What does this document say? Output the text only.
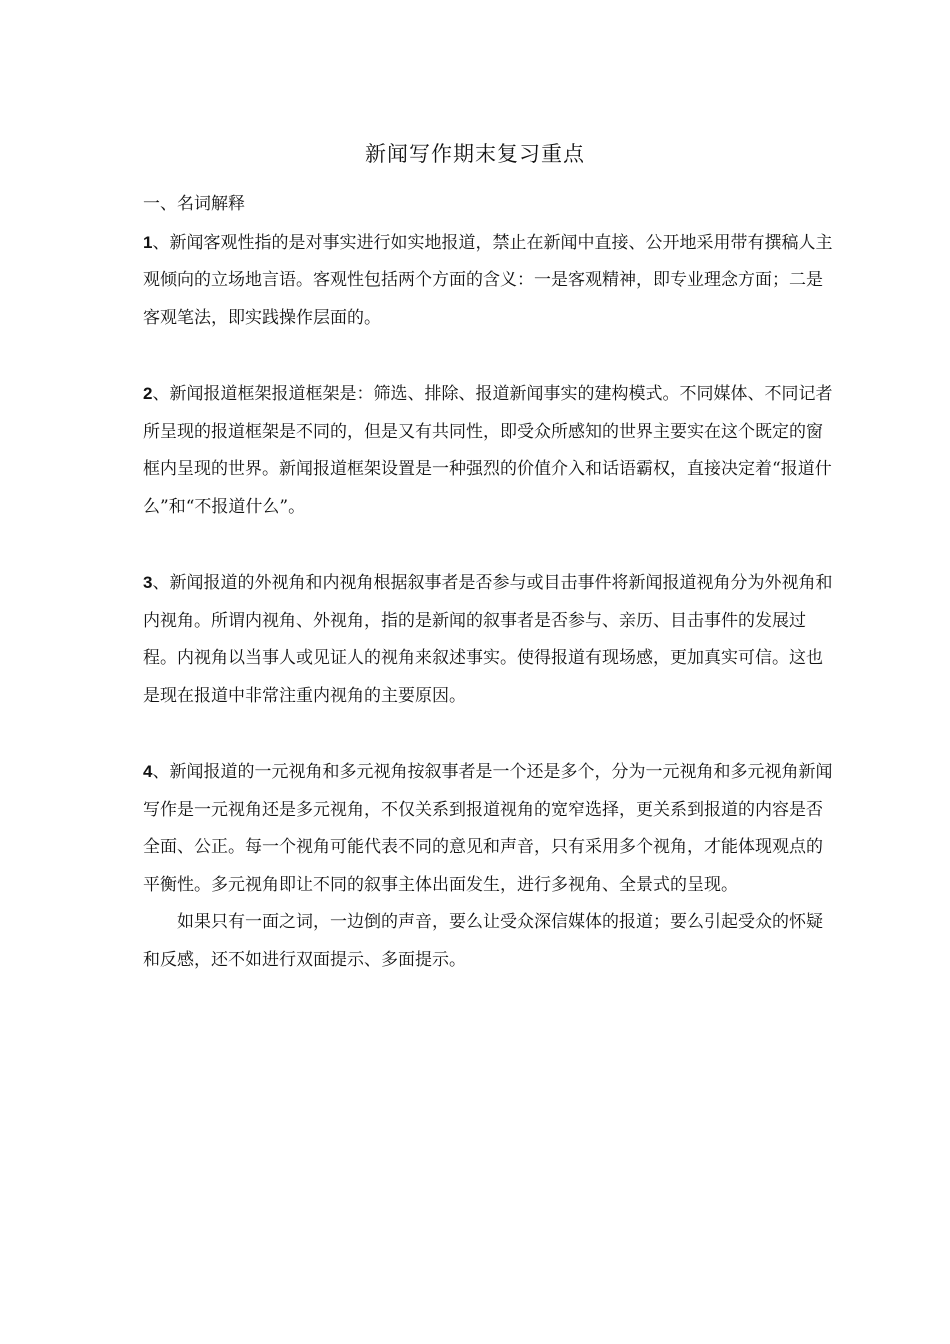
新闻写作期末复习重点

一、名词解释

1、新闻客观性指的是对事实进行如实地报道，禁止在新闻中直接、公开地采用带有撰稿人主观倾向的立场地言语。客观性包括两个方面的含义：一是客观精神，即专业理念方面；二是客观笔法，即实践操作层面的。

2、新闻报道框架报道框架是：筛选、排除、报道新闻事实的建构模式。不同媒体、不同记者所呈现的报道框架是不同的，但是又有共同性，即受众所感知的世界主要实在这个既定的窗框内呈现的世界。新闻报道框架设置是一种强烈的价值介入和话语霸权，直接决定着“报道什么”和“不报道什么”。

3、新闻报道的外视角和内视角根据叙事者是否参与或目击事件将新闻报道视角分为外视角和内视角。所谓内视角、外视角，指的是新闻的叙事者是否参与、亲历、目击事件的发展过程。内视角以当事人或见证人的视角来叙述事实。使得报道有现场感，更加真实可信。这也是现在报道中非常注重内视角的主要原因。

4、新闻报道的一元视角和多元视角按叙事者是一个还是多个，分为一元视角和多元视角新闻写作是一元视角还是多元视角，不仅关系到报道视角的宽窄选择，更关系到报道的内容是否全面、公正。每一个视角可能代表不同的意见和声音，只有采用多个视角，才能体现观点的平衡性。多元视角即让不同的叙事主体出面发生，进行多视角、全景式的呈现。

如果只有一面之词，一边倒的声音，要么让受众深信媒体的报道；要么引起受众的怀疑和反感，还不如进行双面提示、多面提示。
